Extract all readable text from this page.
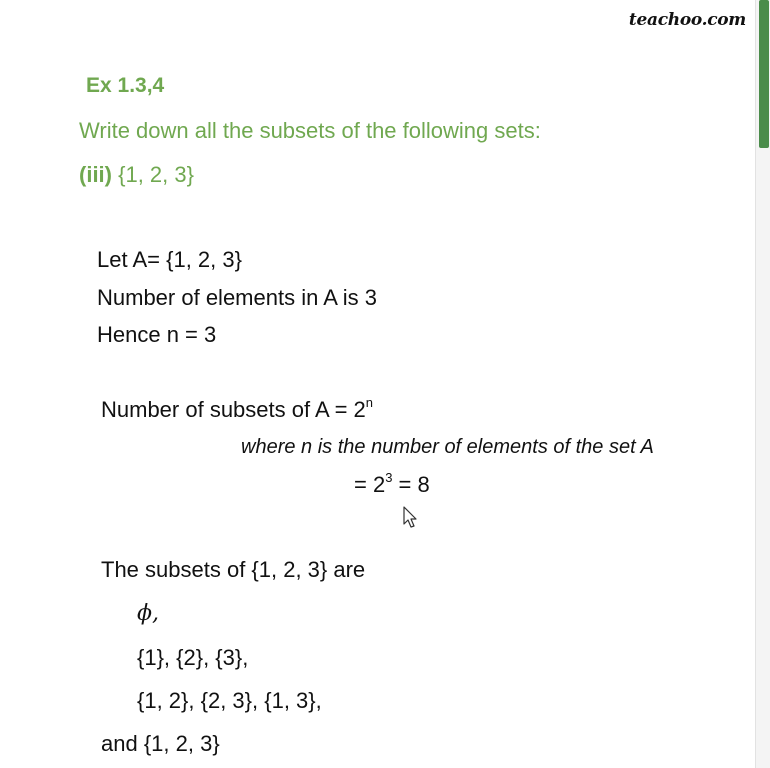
teachoo.com
Ex 1.3,4
Write down all the subsets of the following sets:
(iii) {1, 2, 3}
Let A= {1, 2, 3}
Number of elements in A is 3
Hence n = 3
Number of subsets of $A = 2^n$
where n is the number of elements of the set A
= $2^3 = 8$
The subsets of {1, 2, 3} are
ϕ,
{1}, {2}, {3},
{1, 2}, {2, 3}, {1, 3},
and {1, 2, 3}
